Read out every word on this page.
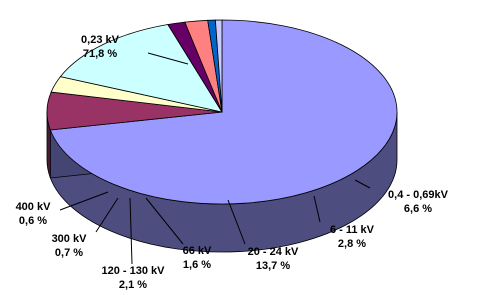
0,23 kV
71,8 %
0,4 - 0,69kV
6,6 %
6 - 11 kV
2,8 %
20 - 24 kV
13,7 %
66 kV
1,6 %
120 - 130 kV
2,1 %
300 kV
0,7 %
400 kV
0,6 %
